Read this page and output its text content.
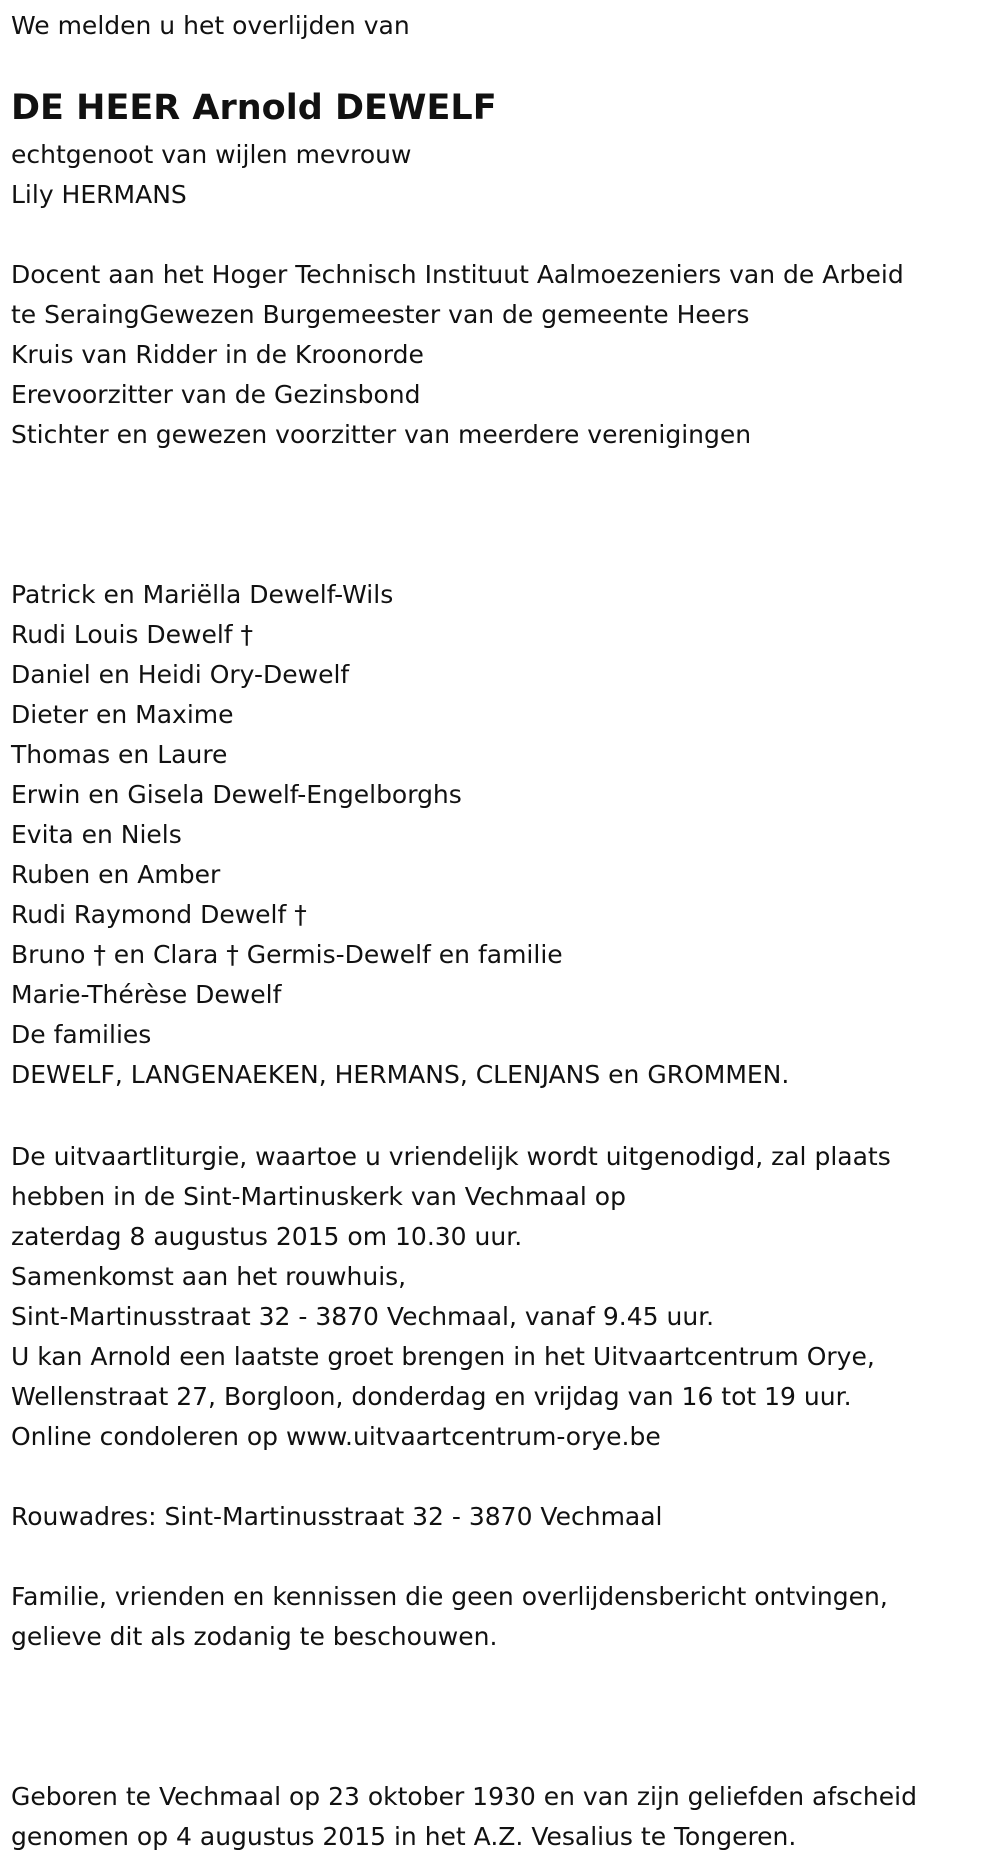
We melden u het overlijden van
DE HEER Arnold DEWELF
echtgenoot van wijlen mevrouw
Lily HERMANS
Docent aan het Hoger Technisch Instituut Aalmoezeniers van de Arbeid
te SeraingGewezen Burgemeester van de gemeente Heers
Kruis van Ridder in de Kroonorde
Erevoorzitter van de Gezinsbond
Stichter en gewezen voorzitter van meerdere verenigingen
Patrick en Mariëlla Dewelf-Wils
Rudi Louis Dewelf †
Daniel en Heidi Ory-Dewelf
Dieter en Maxime
Thomas en Laure
Erwin en Gisela Dewelf-Engelborghs
Evita en Niels
Ruben en Amber
Rudi Raymond Dewelf †
Bruno † en Clara † Germis-Dewelf en familie
Marie-Thérèse Dewelf
De families
DEWELF, LANGENAEKEN, HERMANS, CLENJANS en GROMMEN.
De uitvaartliturgie, waartoe u vriendelijk wordt uitgenodigd, zal plaats
hebben in de Sint-Martinuskerk van Vechmaal op
zaterdag 8 augustus 2015 om 10.30 uur.
Samenkomst aan het rouwhuis,
Sint-Martinusstraat 32 - 3870 Vechmaal, vanaf 9.45 uur.
U kan Arnold een laatste groet brengen in het Uitvaartcentrum Orye,
Wellenstraat 27, Borgloon, donderdag en vrijdag van 16 tot 19 uur.
Online condoleren op www.uitvaartcentrum-orye.be
Rouwadres: Sint-Martinusstraat 32 - 3870 Vechmaal
Familie, vrienden en kennissen die geen overlijdensbericht ontvingen,
gelieve dit als zodanig te beschouwen.
Geboren te Vechmaal op 23 oktober 1930 en van zijn geliefden afscheid
genomen op 4 augustus 2015 in het A.Z. Vesalius te Tongeren.
